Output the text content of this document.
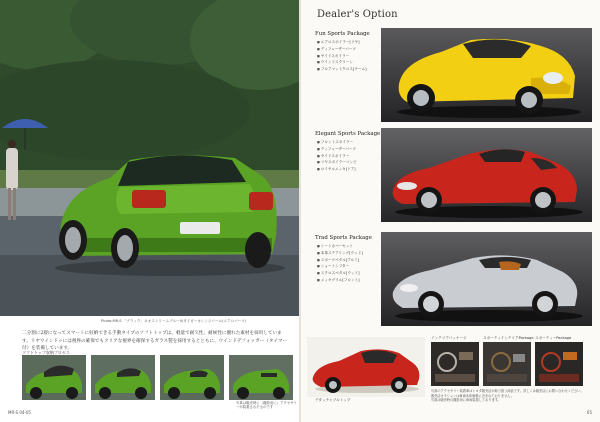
Photo:MR-S 「ブラック」ネオストリームブルーII/タイガーオレンジパール(エアロパーツ)

二分割に2層になってスマートに収納できる手動タイプのソフトトップは、軽量で耐久性、耐候性に優れた素材を採用しています。リヤウインドゥには視界の確保でもクリアな視界を確保するガラス製を採用するとともに、ウインドデフォッガー（タイマー付）を装備しています。

ソフトトップ収納プロセス
写真は販売時に（撮影用に）アクセサリーが装着されたものです
MR-S 04-05
Dealer's Option
Fun Sports Package
■ エアロスポイラー[リヤ]
■ ディフューザーパーツ
■ サイドスポイラー
■ ウインドスクリーン
■ フロアマットクロス[チーム]
Elegant Sports Package
■ フロントスポイラー
■ ディフューザーパーツ
■ サイドスポイラー
■ リヤスポイラーコンビ
■ ロイヤルメッキ[ドア]
Trad Sports Package
■ シートカバーセット
■ 本革ステアリング[ウッド]
■ スポーツペダル[アルミ]
■ ショートシフター
■ スクロスペダル[ウッド]
■ メッキグリル[フロント]
デタッチャブルトップ
インテリアパッケージ	スポーティインテリアPackage スポーティーPackage
写真のアクセサリー装着車はトヨタ販売店が取り扱う商品です。詳しくは販売店にお問い合わせください。
販売店オプションは車両本体価格に含まれておりません。
写真は販売時の撮影用に車両装着しております。
05
